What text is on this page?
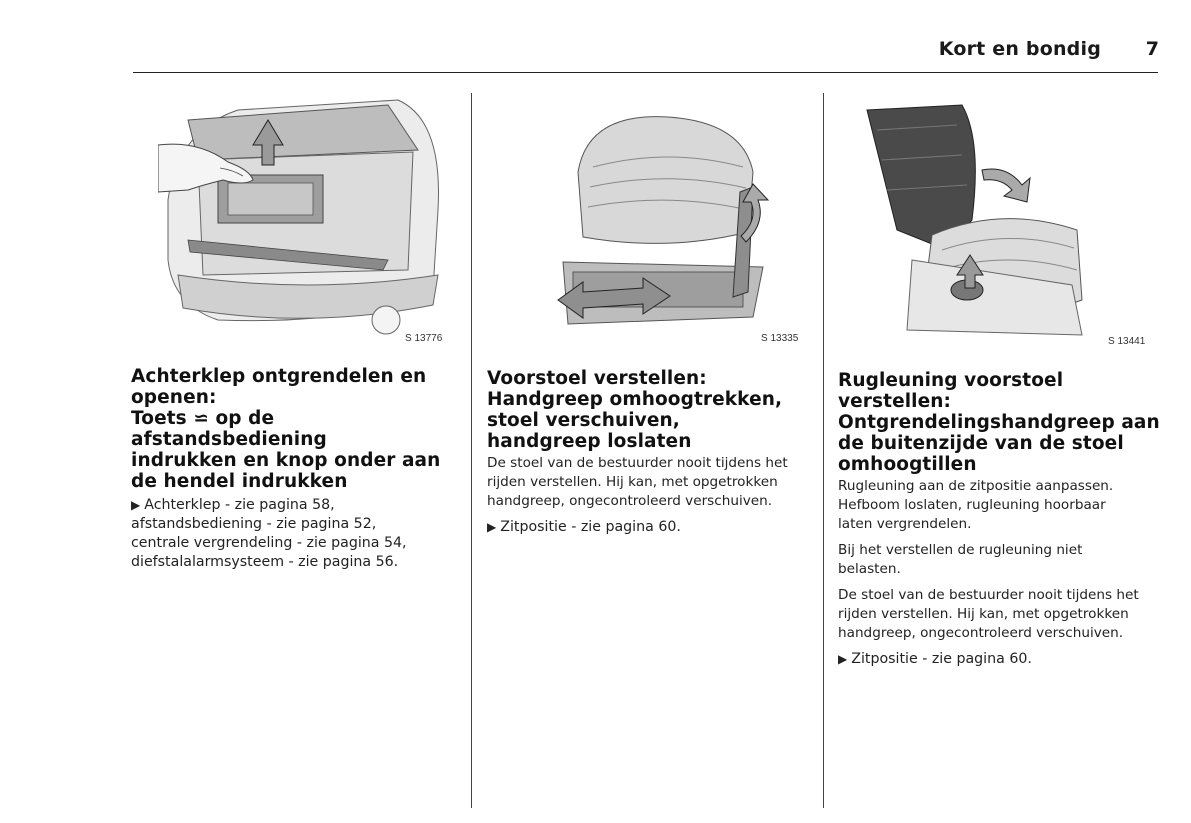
Kort en bondig 7
S 13776
Achterklep ontgrendelen en
openen:
Toets ⋍ op de afstandsbediening
indrukken en knop onder aan
de hendel indrukken
▶ Achterklep - zie pagina 58,
afstandsbediening - zie pagina 52,
centrale vergrendeling - zie pagina 54,
diefstalalarmsysteem - zie pagina 56.
S 13335
Voorstoel verstellen:
Handgreep omhoogtrekken,
stoel verschuiven,
handgreep loslaten
De stoel van de bestuurder nooit tijdens het
rijden verstellen. Hij kan, met opgetrokken
handgreep, ongecontroleerd verschuiven.
▶ Zitpositie - zie pagina 60.
S 13441
Rugleuning voorstoel verstellen:
Ontgrendelingshandgreep aan
de buitenzijde van de stoel
omhoogtillen
Rugleuning aan de zitpositie aanpassen.
Hefboom loslaten, rugleuning hoorbaar
laten vergrendelen.
Bij het verstellen de rugleuning niet
belasten.
De stoel van de bestuurder nooit tijdens het
rijden verstellen. Hij kan, met opgetrokken
handgreep, ongecontroleerd verschuiven.
▶ Zitpositie - zie pagina 60.
